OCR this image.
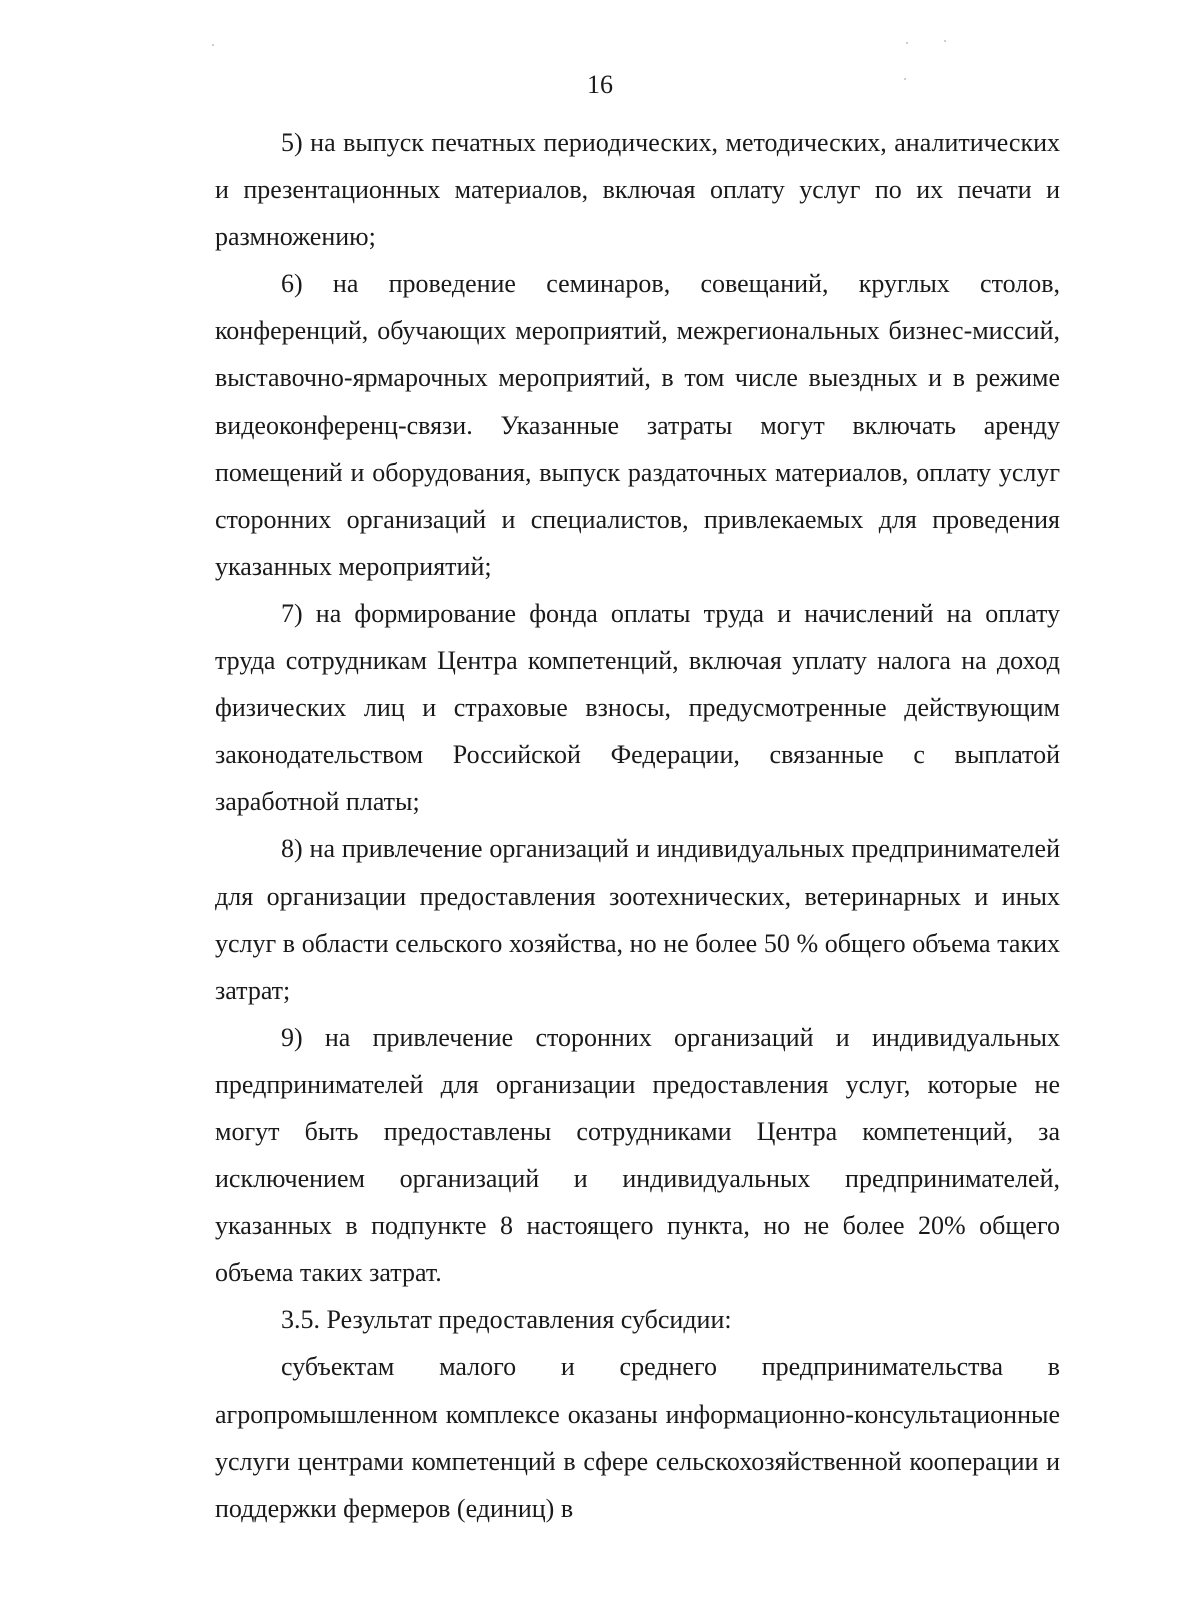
16

5) на выпуск печатных периодических, методических, аналитических и презентационных материалов, включая оплату услуг по их печати и размножению;

6) на проведение семинаров, совещаний, круглых столов, конференций, обучающих мероприятий, межрегиональных бизнес-миссий, выставочно-ярмарочных мероприятий, в том числе выездных и в режиме видеоконференц-связи. Указанные затраты могут включать аренду помещений и оборудования, выпуск раздаточных материалов, оплату услуг сторонних организаций и специалистов, привлекаемых для проведения указанных мероприятий;

7) на формирование фонда оплаты труда и начислений на оплату труда сотрудникам Центра компетенций, включая уплату налога на доход физических лиц и страховые взносы, предусмотренные действующим законодательством Российской Федерации, связанные с выплатой заработной платы;

8) на привлечение организаций и индивидуальных предпринимателей для организации предоставления зоотехнических, ветеринарных и иных услуг в области сельского хозяйства, но не более 50 % общего объема таких затрат;

9) на привлечение сторонних организаций и индивидуальных предпринимателей для организации предоставления услуг, которые не могут быть предоставлены сотрудниками Центра компетенций, за исключением организаций и индивидуальных предпринимателей, указанных в подпункте 8 настоящего пункта, но не более 20% общего объема таких затрат.

3.5. Результат предоставления субсидии:

субъектам малого и среднего предпринимательства в агропромышленном комплексе оказаны информационно-консультационные услуги центрами компетенций в сфере сельскохозяйственной кооперации и поддержки фермеров (единиц) в
